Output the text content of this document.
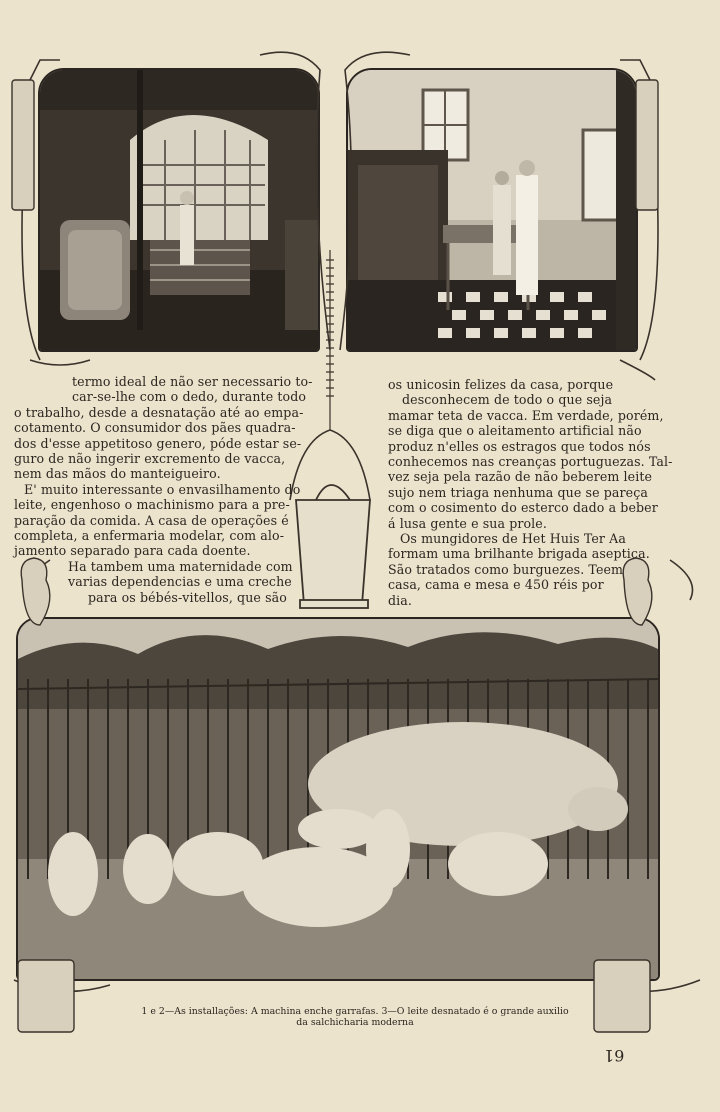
termo ideal de não ser necessario to-
car-se-lhe com o dedo, durante todo
o trabalho, desde a desnatação até ao empa-
cotamento. O consumidor dos pães quadra-
dos d'esse appetitoso genero, póde estar se-
guro de não ingerir excremento de vacca,
nem das mãos do manteigueiro.
E' muito interessante o envasilhamento do
leite, engenhoso o machinismo para a pre-
paração da comida. A casa de operações é
completa, a enfermaria modelar, com alo-
jamento separado para cada doente.
Ha tambem uma maternidade com
varias dependencias e uma creche
para os bébés-vitellos, que são
os unicosin felizes da casa, porque
desconhecem de todo o que seja
mamar teta de vacca. Em verdade, porém,
se diga que o aleitamento artificial não
produz n'elles os estragos que todos nós
conhecemos nas creanças portuguezas. Tal-
vez seja pela razão de não beberem leite
sujo nem triaga nenhuma que se pareça
com o cosimento do esterco dado a beber
á lusa gente e sua prole.
Os mungidores de Het Huis Ter Aa
formam uma brilhante brigada aseptica.
São tratados como burguezes. Teem
casa, cama e mesa e 450 réis por
dia.
1 e 2—As installações: A machina enche garrafas. 3—O leite desnatado é o grande auxilio
da salchicharia moderna
61
